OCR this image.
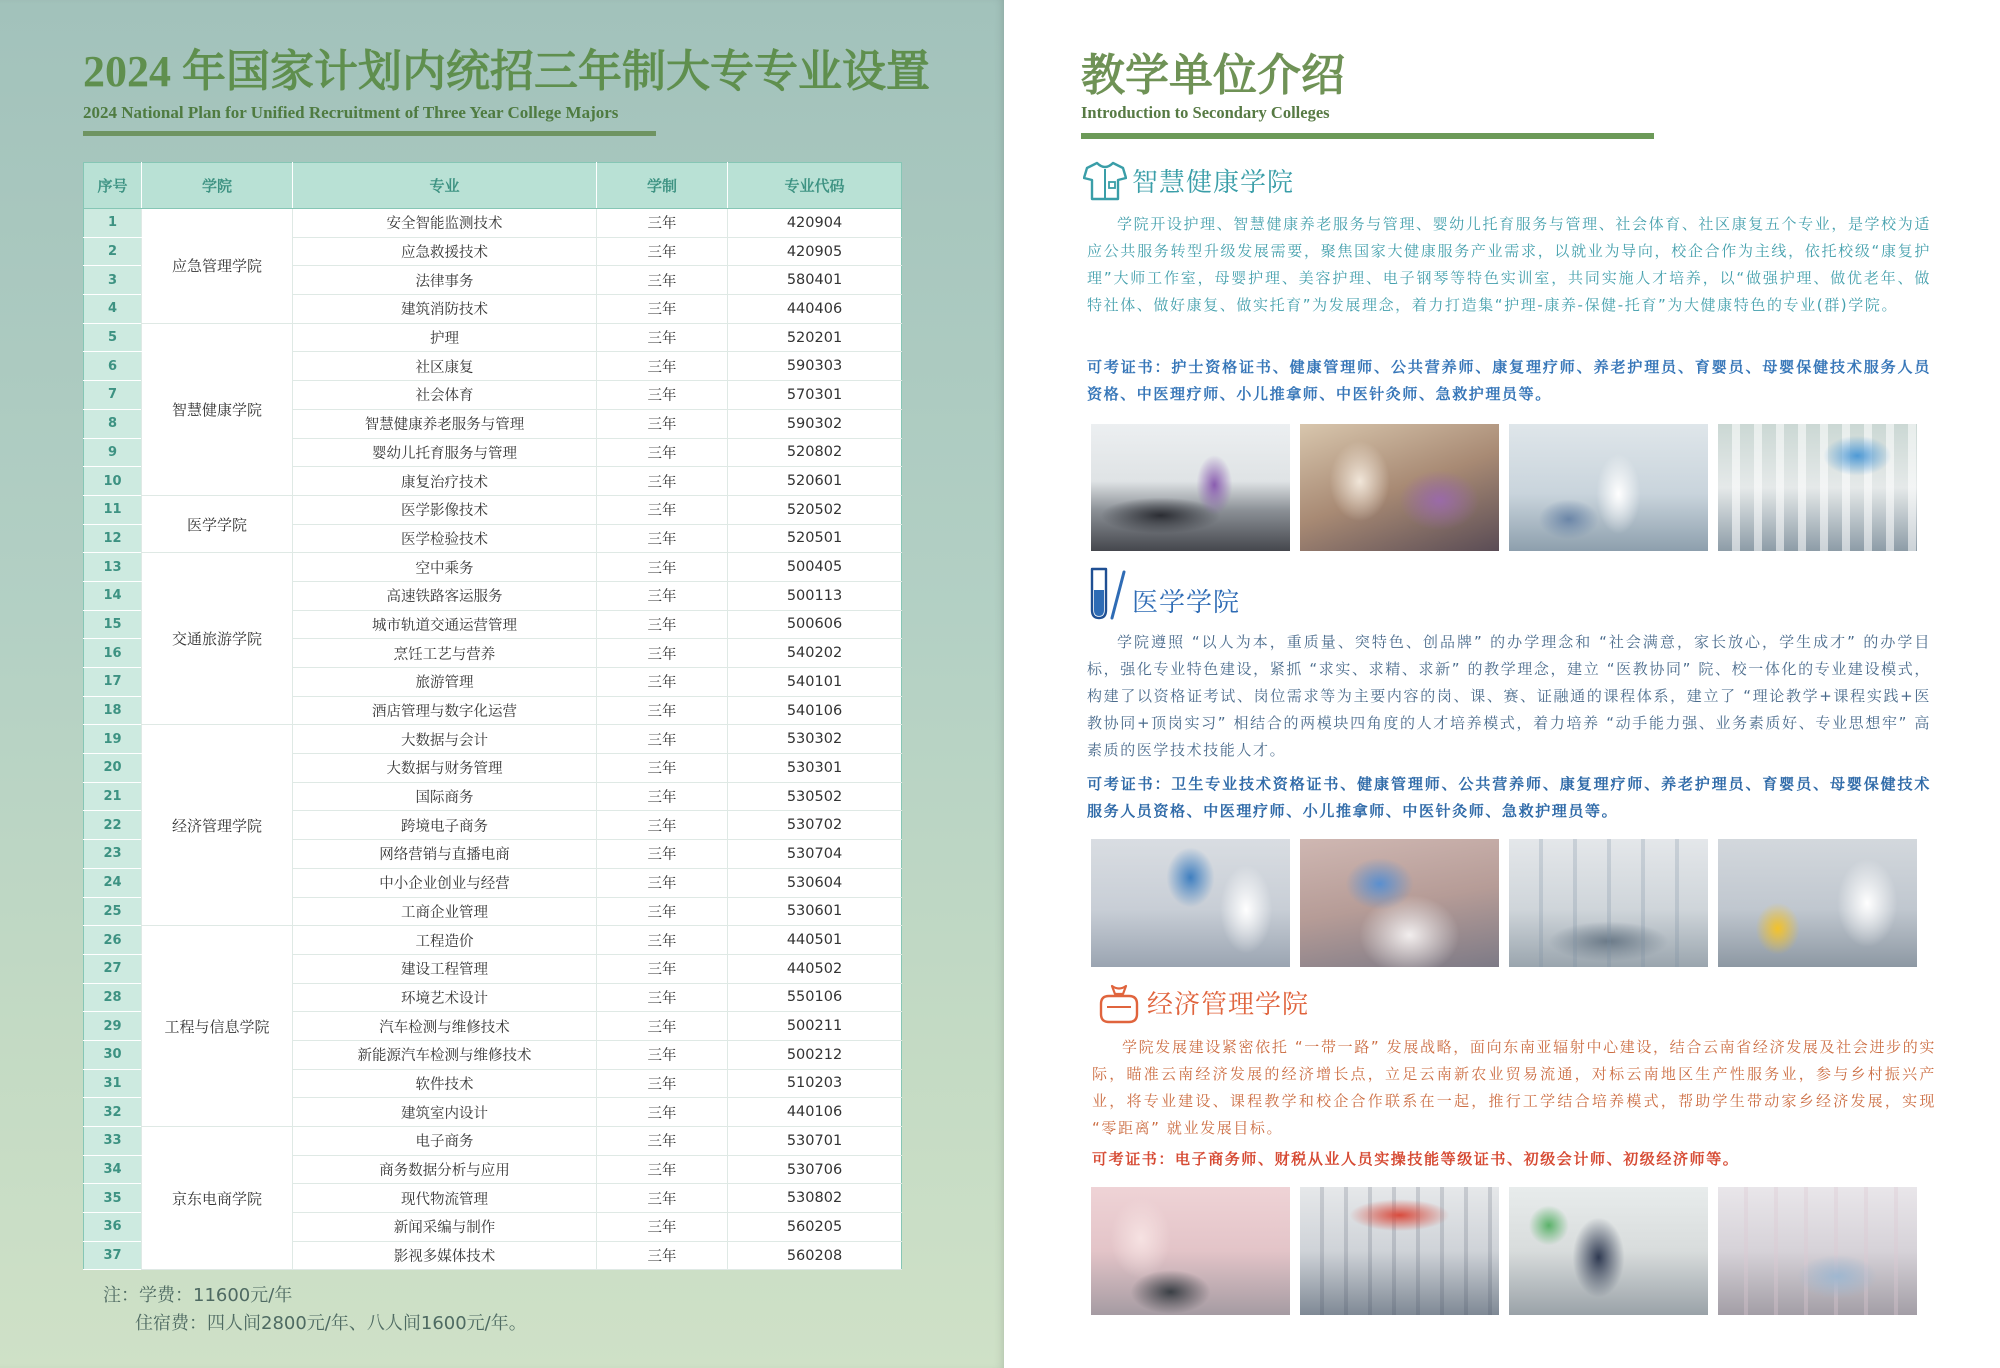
2024 年国家计划内统招三年制大专专业设置
2024 National Plan for Unified Recruitment of Three Year College Majors
序号	学院	专业	学制	专业代码
1	应急管理学院	安全智能监测技术	三年	420904
2		应急救援技术	三年	420905
3		法律事务	三年	580401
4		建筑消防技术	三年	440406
5	智慧健康学院	护理	三年	520201
6		社区康复	三年	590303
7		社会体育	三年	570301
8		智慧健康养老服务与管理	三年	590302
9		婴幼儿托育服务与管理	三年	520802
10		康复治疗技术	三年	520601
11	医学学院	医学影像技术	三年	520502
12		医学检验技术	三年	520501
13	交通旅游学院	空中乘务	三年	500405
14		高速铁路客运服务	三年	500113
15		城市轨道交通运营管理	三年	500606
16		烹饪工艺与营养	三年	540202
17		旅游管理	三年	540101
18		酒店管理与数字化运营	三年	540106
19	经济管理学院	大数据与会计	三年	530302
20		大数据与财务管理	三年	530301
21		国际商务	三年	530502
22		跨境电子商务	三年	530702
23		网络营销与直播电商	三年	530704
24		中小企业创业与经营	三年	530604
25		工商企业管理	三年	530601
26	工程与信息学院	工程造价	三年	440501
27		建设工程管理	三年	440502
28		环境艺术设计	三年	550106
29		汽车检测与维修技术	三年	500211
30		新能源汽车检测与维修技术	三年	500212
31		软件技术	三年	510203
32		建筑室内设计	三年	440106
33	京东电商学院	电子商务	三年	530701
34		商务数据分析与应用	三年	530706
35		现代物流管理	三年	530802
36		新闻采编与制作	三年	560205
37		影视多媒体技术	三年	560208
注：学费：11600元/年
住宿费：四人间2800元/年、八人间1600元/年。
教学单位介绍
Introduction to Secondary Colleges
智慧健康学院
学院开设护理、智慧健康养老服务与管理、婴幼儿托育服务与管理、社会体育、社区康复五个专业，是学校为适应公共服务转型升级发展需要，聚焦国家大健康服务产业需求，以就业为导向，校企合作为主线，依托校级“康复护理”大师工作室，母婴护理、美容护理、电子钢琴等特色实训室，共同实施人才培养，以“做强护理、做优老年、做特社体、做好康复、做实托育”为发展理念，着力打造集“护理-康养-保健-托育”为大健康特色的专业(群)学院。
可考证书：护士资格证书、健康管理师、公共营养师、康复理疗师、养老护理员、育婴员、母婴保健技术服务人员资格、中医理疗师、小儿推拿师、中医针灸师、急救护理员等。
医学学院
学院遵照 “以人为本，重质量、突特色、创品牌” 的办学理念和 “社会满意，家长放心，学生成才” 的办学目标，强化专业特色建设，紧抓 “求实、求精、求新” 的教学理念，建立 “医教协同” 院、校一体化的专业建设模式，构建了以资格证考试、岗位需求等为主要内容的岗、课、赛、证融通的课程体系，建立了 “理论教学+课程实践+医教协同+顶岗实习” 相结合的两模块四角度的人才培养模式，着力培养 “动手能力强、业务素质好、专业思想牢” 高素质的医学技术技能人才。
可考证书：卫生专业技术资格证书、健康管理师、公共营养师、康复理疗师、养老护理员、育婴员、母婴保健技术服务人员资格、中医理疗师、小儿推拿师、中医针灸师、急救护理员等。
经济管理学院
学院发展建设紧密依托 “一带一路” 发展战略，面向东南亚辐射中心建设，结合云南省经济发展及社会进步的实际，瞄准云南经济发展的经济增长点，立足云南新农业贸易流通，对标云南地区生产性服务业，参与乡村振兴产业，将专业建设、课程教学和校企合作联系在一起，推行工学结合培养模式，帮助学生带动家乡经济发展，实现 “零距离” 就业发展目标。
可考证书：电子商务师、财税从业人员实操技能等级证书、初级会计师、初级经济师等。
